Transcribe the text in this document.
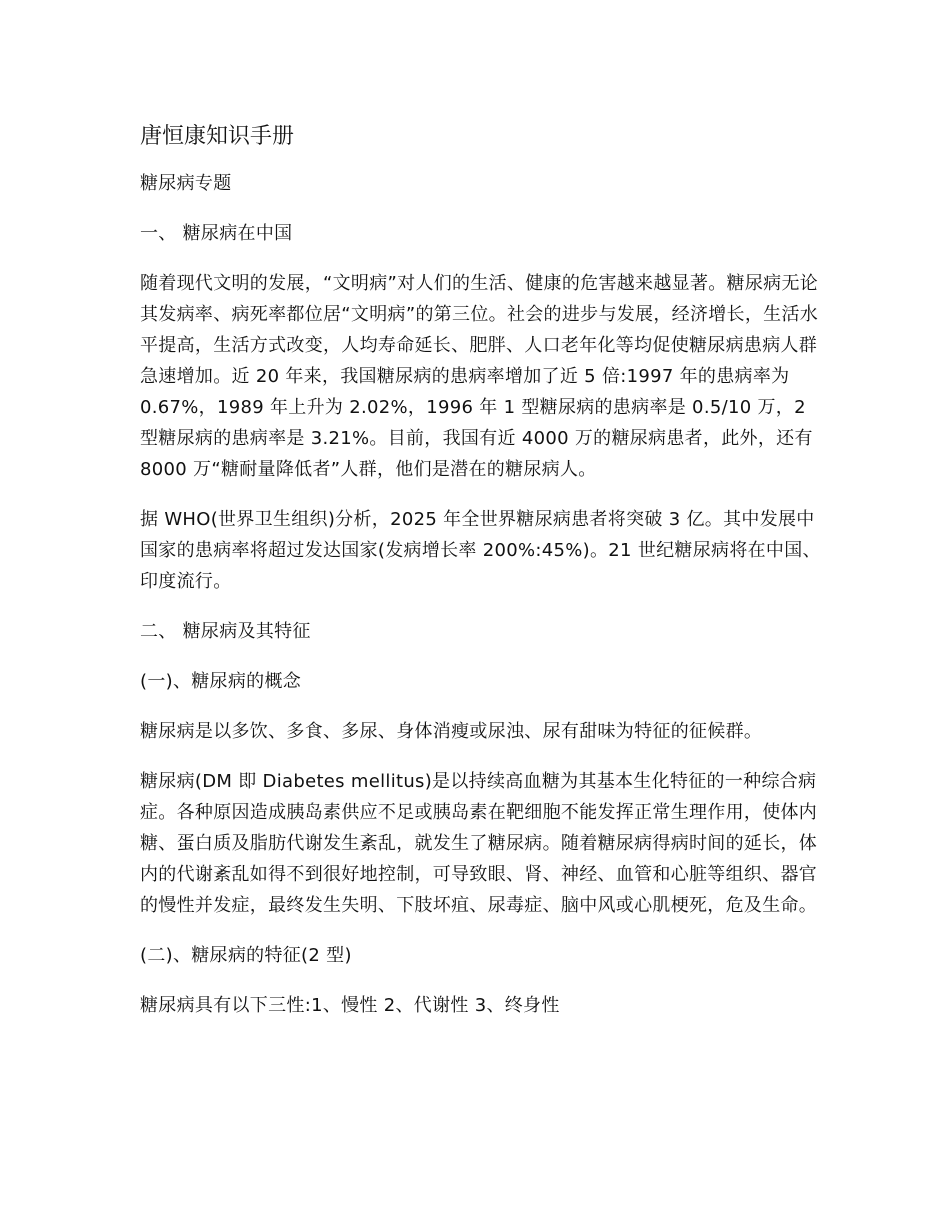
唐恒康知识手册

糖尿病专题

一、 糖尿病在中国

随着现代文明的发展，“文明病”对人们的生活、健康的危害越来越显著。糖尿病无论其发病率、病死率都位居“文明病”的第三位。社会的进步与发展，经济增长，生活水平提高，生活方式改变，人均寿命延长、肥胖、人口老年化等均促使糖尿病患病人群急速增加。近 20 年来，我国糖尿病的患病率增加了近 5 倍:1997 年的患病率为 0.67%，1989 年上升为 2.02%，1996 年 1 型糖尿病的患病率是 0.5/10 万，2 型糖尿病的患病率是 3.21%。目前，我国有近 4000 万的糖尿病患者，此外，还有 8000 万“糖耐量降低者”人群，他们是潜在的糖尿病人。

据 WHO(世界卫生组织)分析，2025 年全世界糖尿病患者将突破 3 亿。其中发展中国家的患病率将超过发达国家(发病增长率 200%:45%)。21 世纪糖尿病将在中国、印度流行。

二、 糖尿病及其特征

(一)、糖尿病的概念

糖尿病是以多饮、多食、多尿、身体消瘦或尿浊、尿有甜味为特征的征候群。

糖尿病(DM 即 Diabetes mellitus)是以持续高血糖为其基本生化特征的一种综合病症。各种原因造成胰岛素供应不足或胰岛素在靶细胞不能发挥正常生理作用，使体内糖、蛋白质及脂肪代谢发生紊乱，就发生了糖尿病。随着糖尿病得病时间的延长，体内的代谢紊乱如得不到很好地控制，可导致眼、肾、神经、血管和心脏等组织、器官的慢性并发症，最终发生失明、下肢坏疽、尿毒症、脑中风或心肌梗死，危及生命。

(二)、糖尿病的特征(2 型)

糖尿病具有以下三性:1、慢性 2、代谢性 3、终身性
